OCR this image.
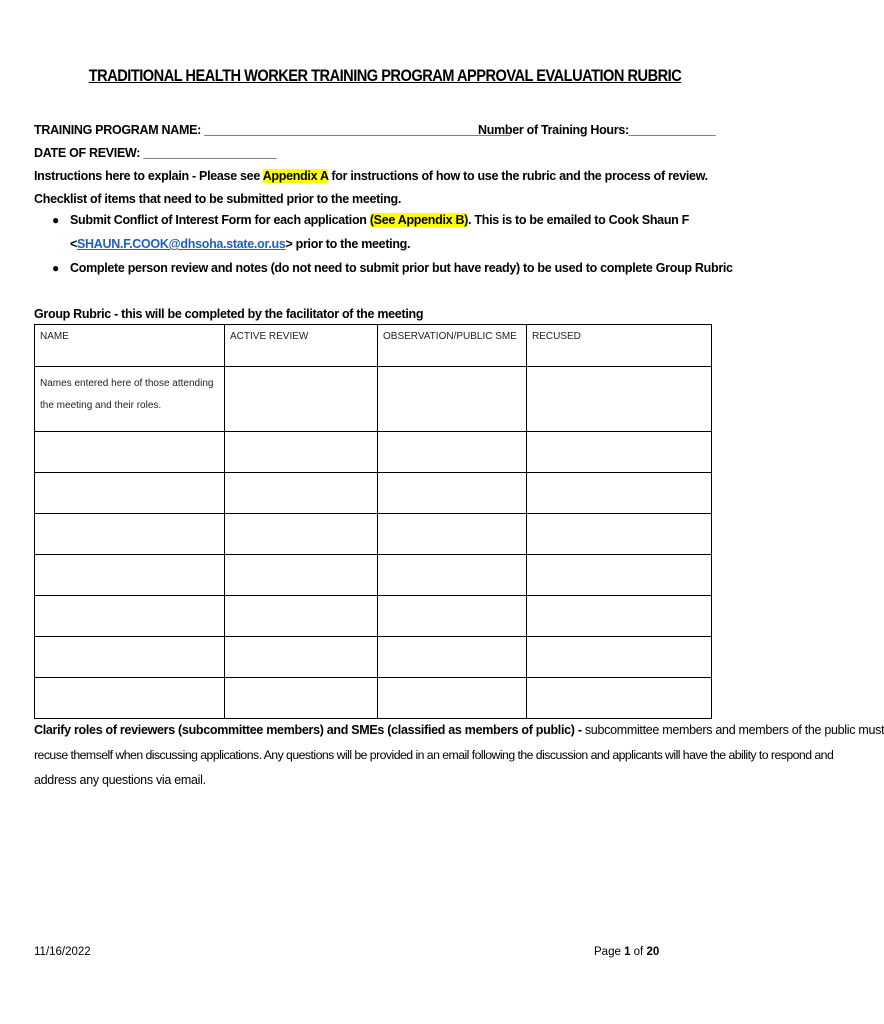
TRADITIONAL HEALTH WORKER TRAINING PROGRAM APPROVAL EVALUATION RUBRIC
TRAINING PROGRAM NAME: ______________________________________________
Number of Training Hours:_____________
DATE OF REVIEW: ____________________
Instructions here to explain - Please see Appendix A for instructions of how to use the rubric and the process of review.
Checklist of items that need to be submitted prior to the meeting.
● Submit Conflict of Interest Form for each application (See Appendix B). This is to be emailed to Cook Shaun F
<SHAUN.F.COOK@dhsoha.state.or.us> prior to the meeting.
● Complete person review and notes (do not need to submit prior but have ready) to be used to complete Group Rubric
Group Rubric - this will be completed by the facilitator of the meeting
NAME	ACTIVE REVIEW	OBSERVATION/PUBLIC SME	RECUSED
Names entered here of those attending the meeting and their roles.			

Clarify roles of reviewers (subcommittee members) and SMEs (classified as members of public) - subcommittee members and members of the public must
recuse themself when discussing applications. Any questions will be provided in an email following the discussion and applicants will have the ability to respond and
address any questions via email.
11/16/2022	Page 1 of 20
